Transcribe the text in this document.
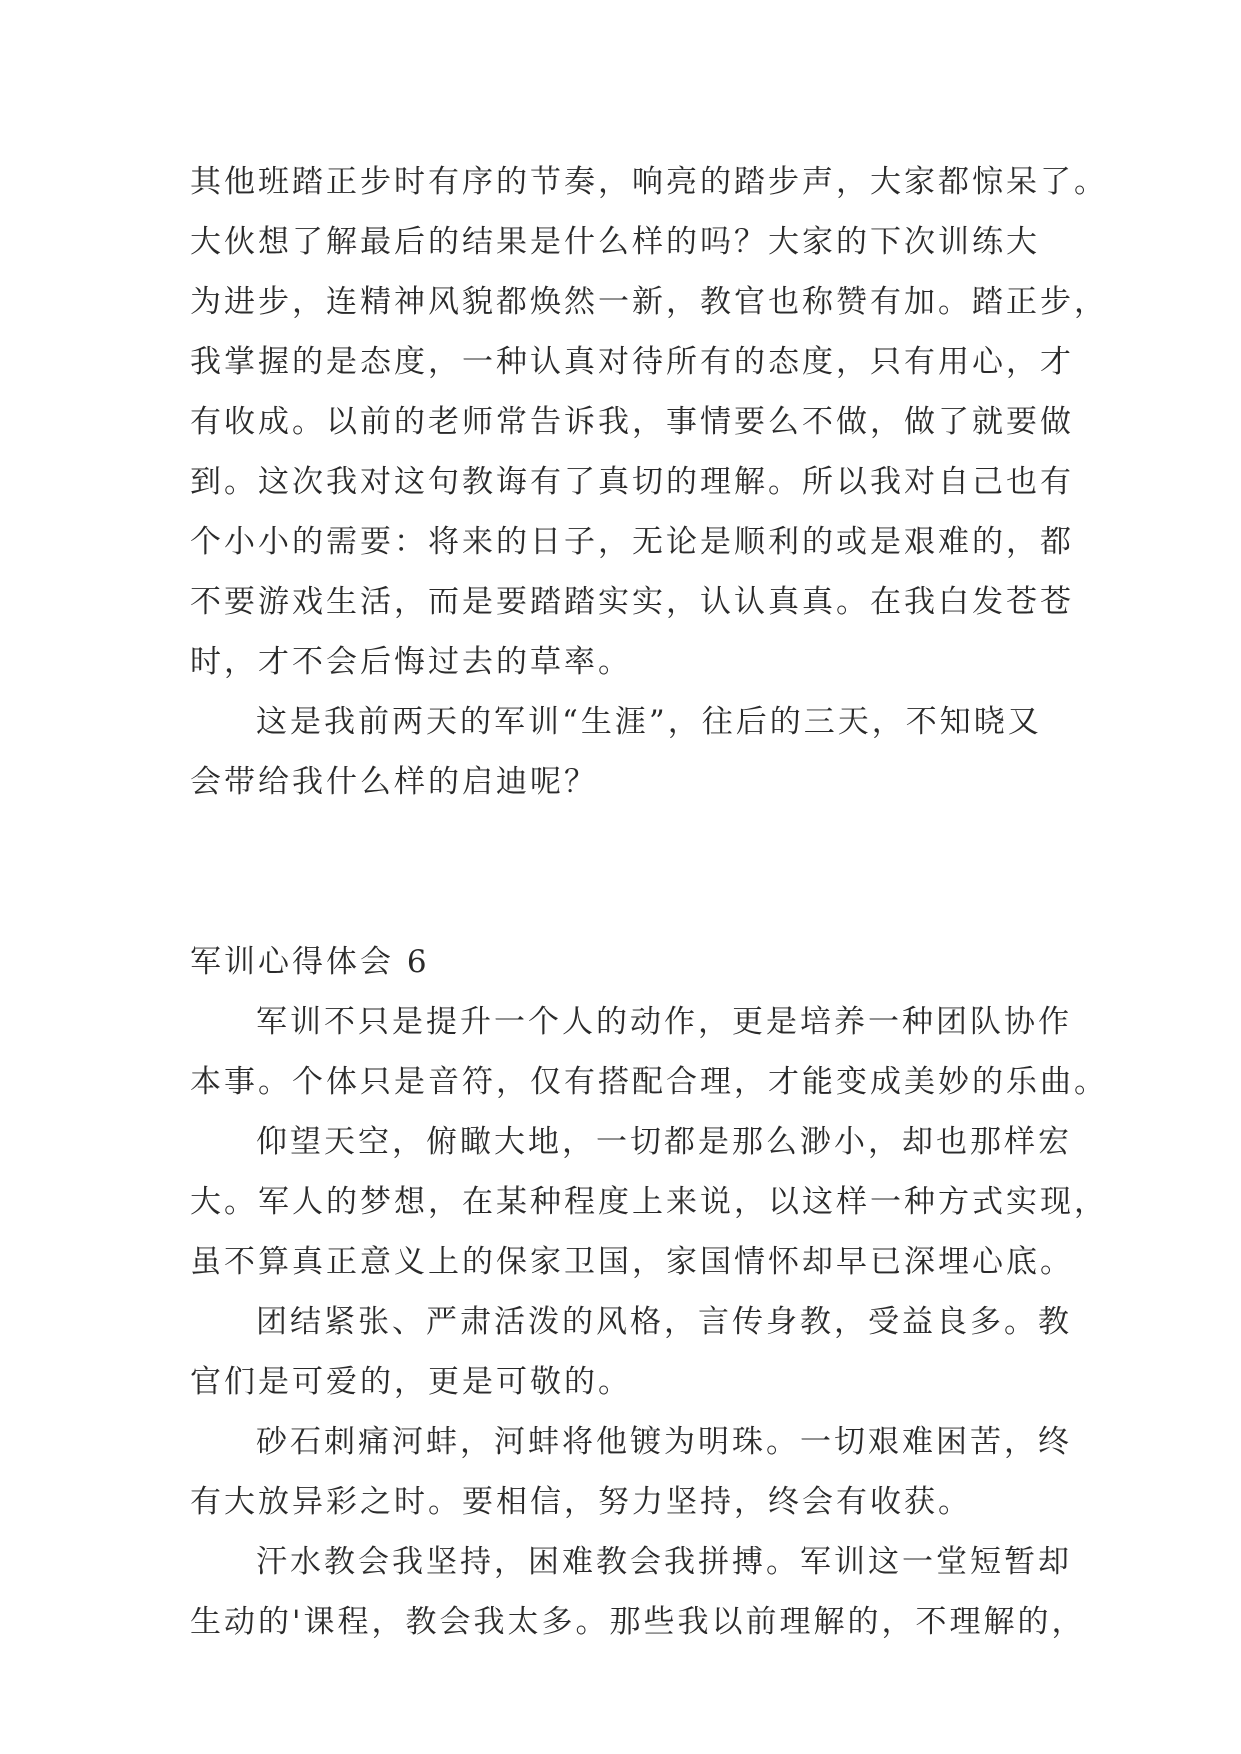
其他班踏正步时有序的节奏，响亮的踏步声，大家都惊呆了。
大伙想了解最后的结果是什么样的吗？大家的下次训练大
为进步，连精神风貌都焕然一新，教官也称赞有加。踏正步，
我掌握的是态度，一种认真对待所有的态度，只有用心，才
有收成。以前的老师常告诉我，事情要么不做，做了就要做
到。这次我对这句教诲有了真切的理解。所以我对自己也有
个小小的需要：将来的日子，无论是顺利的或是艰难的，都
不要游戏生活，而是要踏踏实实，认认真真。在我白发苍苍
时，才不会后悔过去的草率。
这是我前两天的军训“生涯”，往后的三天，不知晓又
会带给我什么样的启迪呢？
军训心得体会 6
军训不只是提升一个人的动作，更是培养一种团队协作
本事。个体只是音符，仅有搭配合理，才能变成美妙的乐曲。
仰望天空，俯瞰大地，一切都是那么渺小，却也那样宏
大。军人的梦想，在某种程度上来说，以这样一种方式实现，
虽不算真正意义上的保家卫国，家国情怀却早已深埋心底。
团结紧张、严肃活泼的风格，言传身教，受益良多。教
官们是可爱的，更是可敬的。
砂石刺痛河蚌，河蚌将他镀为明珠。一切艰难困苦，终
有大放异彩之时。要相信，努力坚持，终会有收获。
汗水教会我坚持，困难教会我拼搏。军训这一堂短暂却
生动的'课程，教会我太多。那些我以前理解的，不理解的，
